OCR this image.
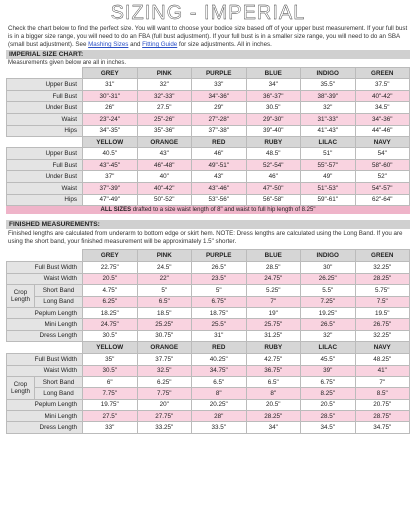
SIZING - IMPERIAL

Check the chart below to find the perfect size. You will want to choose your bodice size based off of your upper bust measurement. If your full bust is in a bigger size range, you will need to do an FBA (full bust adjustment). If your full bust is in a smaller size range, you will need to do an SBA (small bust adjustment). See Mashing Sizes and Fitting Guide for size adjustments. All in inches.

IMPERIAL SIZE CHART:
Measurements given below are all in inches.
	GREY	PINK	PURPLE	BLUE	INDIGO	GREEN
Upper Bust	31"	32"	33"	34"	35.5"	37.5"
Full Bust	30"-31"	32"-33"	34"-36"	36"-37"	38"-39"	40"-42"
Under Bust	26"	27.5"	29"	30.5"	32"	34.5"
Waist	23"-24"	25"-26"	27"-28"	29"-30"	31"-33"	34"-36"
Hips	34"-35"	35"-36"	37"-38"	39"-40"	41"-43"	44"-46"
	YELLOW	ORANGE	RED	RUBY	LILAC	NAVY
Upper Bust	40.5"	43"	46"	48.5"	51"	54"
Full Bust	43"-45"	46"-48"	49"-51"	52"-54"	55"-57"	58"-60"
Under Bust	37"	40"	43"	46"	49"	52"
Waist	37"-39"	40"-42"	43"-46"	47"-50"	51"-53"	54"-57"
Hips	47"-49"	50"-52"	53"-56"	56"-58"	59"-61"	62"-64"
ALL SIZES drafted to a size waist length of 8" and waist to full hip length of 8.25"
FINISHED MEASUREMENTS:
Finished lengths are calculated from underarm to bottom edge or skirt hem. NOTE: Dress lengths are calculated using the Long Band. If you are using the short band, your finished measurement will be approximately 1.5" shorter.
		GREY	PINK	PURPLE	BLUE	INDIGO	GREEN
Full Bust Width		22.75"	24.5"	26.5"	28.5"	30"	32.25"
Waist Width		20.5"	22"	23.5"	24.75"	26.25"	28.25"
Crop Length	Short Band	4.75"	5"	5"	5.25"	5.5"	5.75"
	Long Band	6.25"	6.5"	6.75"	7"	7.25"	7.5"
Peplum Length		18.25"	18.5"	18.75"	19"	19.25"	19.5"
Mini Length		24.75"	25.25"	25.5"	25.75"	26.5"	26.75"
Dress Length		30.5"	30.75"	31"	31.25"	32"	32.25"
		YELLOW	ORANGE	RED	RUBY	LILAC	NAVY
Full Bust Width		35"	37.75"	40.25"	42.75"	45.5"	48.25"
Waist Width		30.5"	32.5"	34.75"	36.75"	39"	41"
Crop Length	Short Band	6"	6.25"	6.5"	6.5"	6.75"	7"
	Long Band	7.75"	7.75"	8"	8"	8.25"	8.5"
Peplum Length		19.75"	20"	20.25"	20.5"	20.5"	20.75"
Mini Length		27.5"	27.75"	28"	28.25"	28.5"	28.75"
Dress Length		33"	33.25"	33.5"	34"	34.5"	34.75"
